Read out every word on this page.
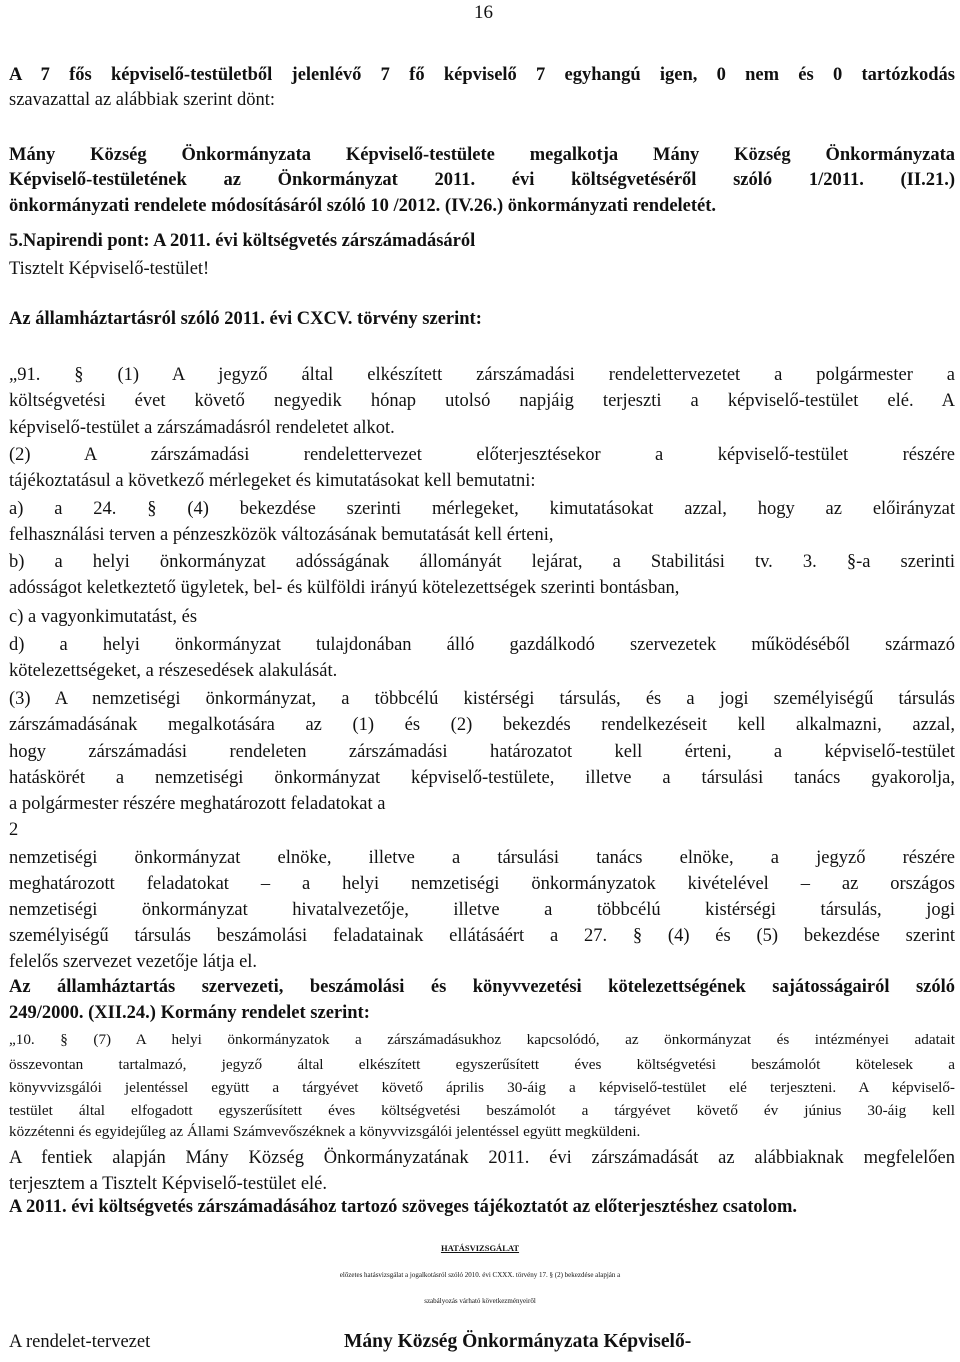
16
A 7 fős képviselő-testületből jelenlévő 7 fő képviselő 7 egyhangú igen, 0 nem és 0 tartózkodás
szavazattal az alábbiak szerint dönt:
Mány Község Önkormányzata Képviselő-testülete megalkotja Mány Község Önkormányzata
Képviselő-testületének az Önkormányzat 2011. évi költségvetéséről szóló 1/2011. (II.21.)
önkormányzati rendelete módosításáról szóló 10 /2012. (IV.26.) önkormányzati rendeletét.
5.Napirendi pont: A 2011. évi költségvetés zárszámadásáról
Tisztelt Képviselő-testület!
Az államháztartásról szóló 2011. évi CXCV. törvény szerint:
„91. § (1) A jegyző által elkészített zárszámadási rendelettervezetet a polgármester a
költségvetési évet követő negyedik hónap utolsó napjáig terjeszti a képviselő-testület elé. A
képviselő-testület a zárszámadásról rendeletet alkot.
(2) A zárszámadási rendelettervezet előterjesztésekor a képviselő-testület részére
tájékoztatásul a következő mérlegeket és kimutatásokat kell bemutatni:
a) a 24. § (4) bekezdése szerinti mérlegeket, kimutatásokat azzal, hogy az előirányzat
felhasználási terven a pénzeszközök változásának bemutatását kell érteni,
b) a helyi önkormányzat adósságának állományát lejárat, a Stabilitási tv. 3. §-a szerinti
adósságot keletkeztető ügyletek, bel- és külföldi irányú kötelezettségek szerinti bontásban,
c) a vagyonkimutatást, és
d) a helyi önkormányzat tulajdonában álló gazdálkodó szervezetek működéséből származó
kötelezettségeket, a részesedések alakulását.
(3) A nemzetiségi önkormányzat, a többcélú kistérségi társulás, és a jogi személyiségű társulás
zárszámadásának megalkotására az (1) és (2) bekezdés rendelkezéseit kell alkalmazni, azzal,
hogy zárszámadási rendeleten zárszámadási határozatot kell érteni, a képviselő-testület
hatáskörét a nemzetiségi önkormányzat képviselő-testülete, illetve a társulási tanács gyakorolja,
a polgármester részére meghatározott feladatokat a
2
nemzetiségi önkormányzat elnöke, illetve a társulási tanács elnöke, a jegyző részére
meghatározott feladatokat – a helyi nemzetiségi önkormányzatok kivételével – az országos
nemzetiségi önkormányzat hivatalvezetője, illetve a többcélú kistérségi társulás, jogi
személyiségű társulás beszámolási feladatainak ellátásáért a 27. § (4) és (5) bekezdése szerint
felelős szervezet vezetője látja el.
Az államháztartás szervezeti, beszámolási és könyvvezetési kötelezettségének sajátosságairól szóló
249/2000. (XII.24.) Kormány rendelet szerint:
„10. § (7) A helyi önkormányzatok a zárszámadásukhoz kapcsolódó, az önkormányzat és intézményei adatait
összevontan tartalmazó, jegyző által elkészített egyszerűsített éves költségvetési beszámolót kötelesek a
könyvvizsgálói jelentéssel együtt a tárgyévet követő április 30-áig a képviselő-testület elé terjeszteni. A képviselő-
testület által elfogadott egyszerűsített éves költségvetési beszámolót a tárgyévet követő év június 30-áig kell
közzétenni és egyidejűleg az Állami Számvevőszéknek a könyvvizsgálói jelentéssel együtt megküldeni.
A fentiek alapján Mány Község Önkormányzatának 2011. évi zárszámadását az alábbiaknak megfelelően
terjesztem a Tisztelt Képviselő-testület elé.
A 2011. évi költségvetés zárszámadásához tartozó szöveges tájékoztatót az előterjesztéshez csatolom.
HATÁSVIZSGÁLAT
előzetes hatásvizsgálat a jogalkotásról szóló 2010. évi CXXX. törvény 17. § (2) bekezdése alapján a
szabályozás várható következményeiről
A rendelet-tervezet	Mány Község Önkormányzata Képviselő-
